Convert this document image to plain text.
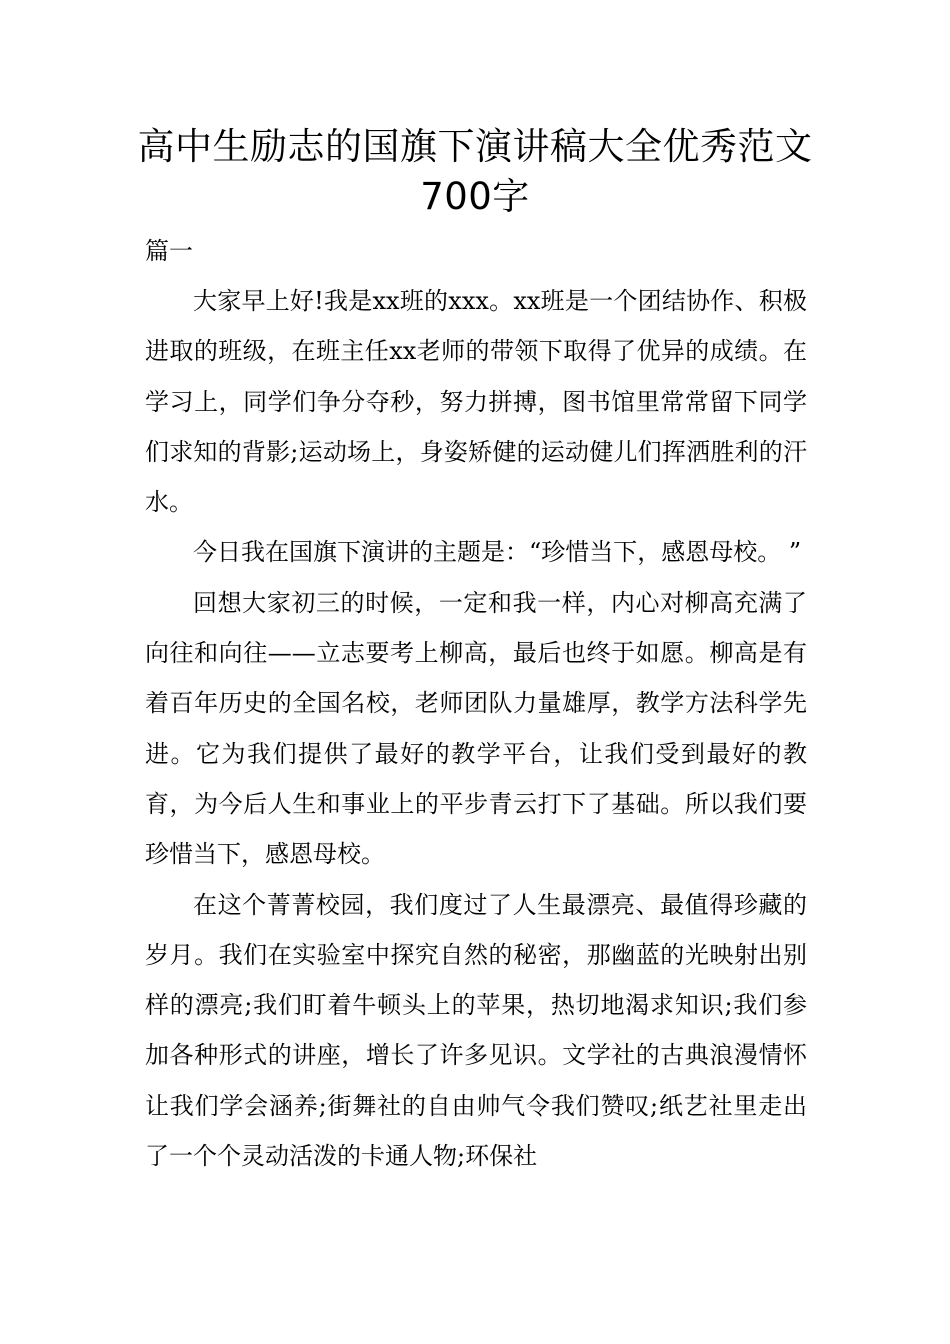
高中生励志的国旗下演讲稿大全优秀范文700字
篇一

大家早上好!我是xx班的xxx。xx班是一个团结协作、积极进取的班级，在班主任xx老师的带领下取得了优异的成绩。在学习上，同学们争分夺秒，努力拼搏，图书馆里常常留下同学们求知的背影;运动场上，身姿矫健的运动健儿们挥洒胜利的汗水。

今日我在国旗下演讲的主题是：“珍惜当下，感恩母校。 ”

回想大家初三的时候，一定和我一样，内心对柳高充满了向往和向往——立志要考上柳高，最后也终于如愿。柳高是有着百年历史的全国名校，老师团队力量雄厚，教学方法科学先进。它为我们提供了最好的教学平台，让我们受到最好的教育，为今后人生和事业上的平步青云打下了基础。所以我们要珍惜当下，感恩母校。

在这个菁菁校园，我们度过了人生最漂亮、最值得珍藏的岁月。我们在实验室中探究自然的秘密，那幽蓝的光映射出别样的漂亮;我们盯着牛顿头上的苹果，热切地渴求知识;我们参加各种形式的讲座，增长了许多见识。文学社的古典浪漫情怀让我们学会涵养;街舞社的自由帅气令我们赞叹;纸艺社里走出了一个个灵动活泼的卡通人物;环保社
